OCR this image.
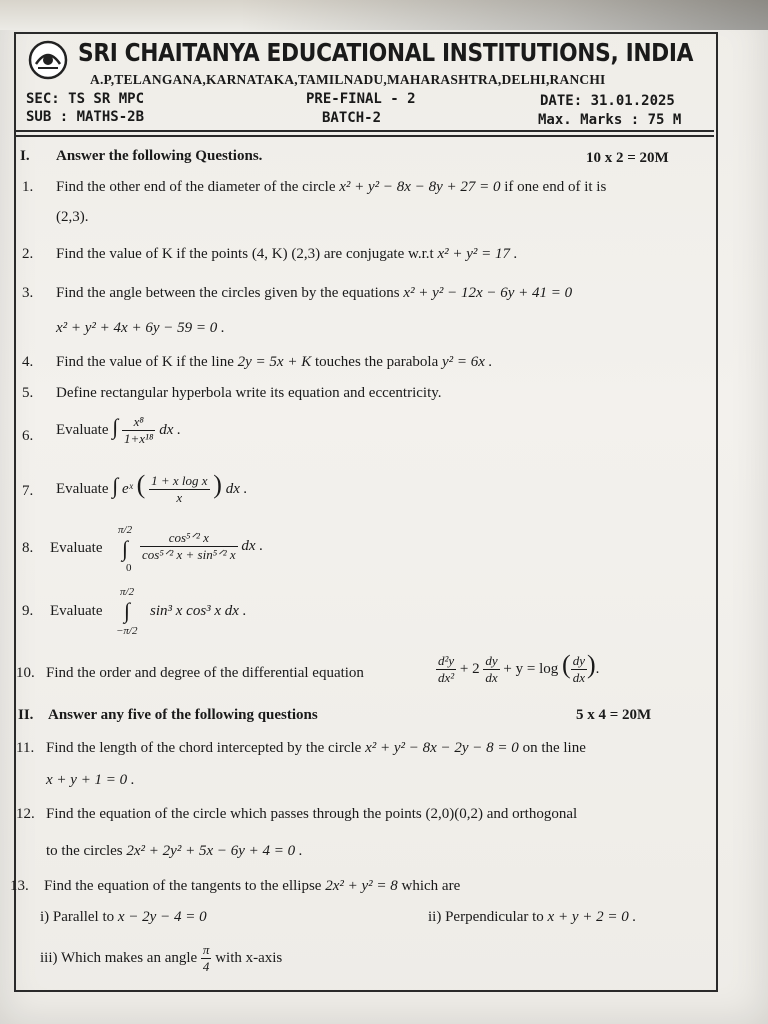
SRI CHAITANYA EDUCATIONAL INSTITUTIONS, INDIA
A.P,TELANGANA,KARNATAKA,TAMILNADU,MAHARASHTRA,DELHI,RANCHI
SEC: TS SR MPC	PRE-FINAL - 2	DATE: 31.01.2025
SUB : MATHS-2B	BATCH-2	Max. Marks : 75 M
I. Answer the following Questions.	10 x 2 = 20M
1. Find the other end of the diameter of the circle x² + y² − 8x − 8y + 27 = 0 if one end of it is
(2,3).
2. Find the value of K if the points (4, K) (2,3) are conjugate w.r.t x² + y² = 17 .
3. Find the angle between the circles given by the equations x² + y² − 12x − 6y + 41 = 0
x² + y² + 4x + 6y − 59 = 0 .
4. Find the value of K if the line 2y = 5x + K touches the parabola y² = 6x .
5. Define rectangular hyperbola write its equation and eccentricity.
6. Evaluate ∫ $\frac{\text{x⁸}}{\text{1+x¹⁸}}$ dx .
7. Evaluate ∫ eˣ ( $\frac{\text{1 + x log x}}{x}$ ) dx .
8. Evaluate
π/2
∫
0
$\frac{\text{cos⁵ᐟ² x}}{\text{cos⁵ᐟ² x + sin⁵ᐟ² x}}$ dx .
9. Evaluate
π/2
∫
−π/2
sin³ x cos³ x dx .
10. Find the order and degree of the differential equation	$\frac{\text{d²y}}{\text{dx²}} + 2 \frac{dy}{dx} + y = \log$ ( $\frac{dy}{dx}$ ).
II. Answer any five of the following questions	5 x 4 = 20M
11. Find the length of the chord intercepted by the circle x² + y² − 8x − 2y − 8 = 0 on the line
x + y + 1 = 0 .
12. Find the equation of the circle which passes through the points (2,0)(0,2) and orthogonal
to the circles 2x² + 2y² + 5x − 6y + 4 = 0 .
13. Find the equation of the tangents to the ellipse 2x² + y² = 8 which are
i) Parallel to x − 2y − 4 = 0	ii) Perpendicular to x + y + 2 = 0 .
iii) Which makes an angle $\frac{\pi}{4}$ with x-axis
